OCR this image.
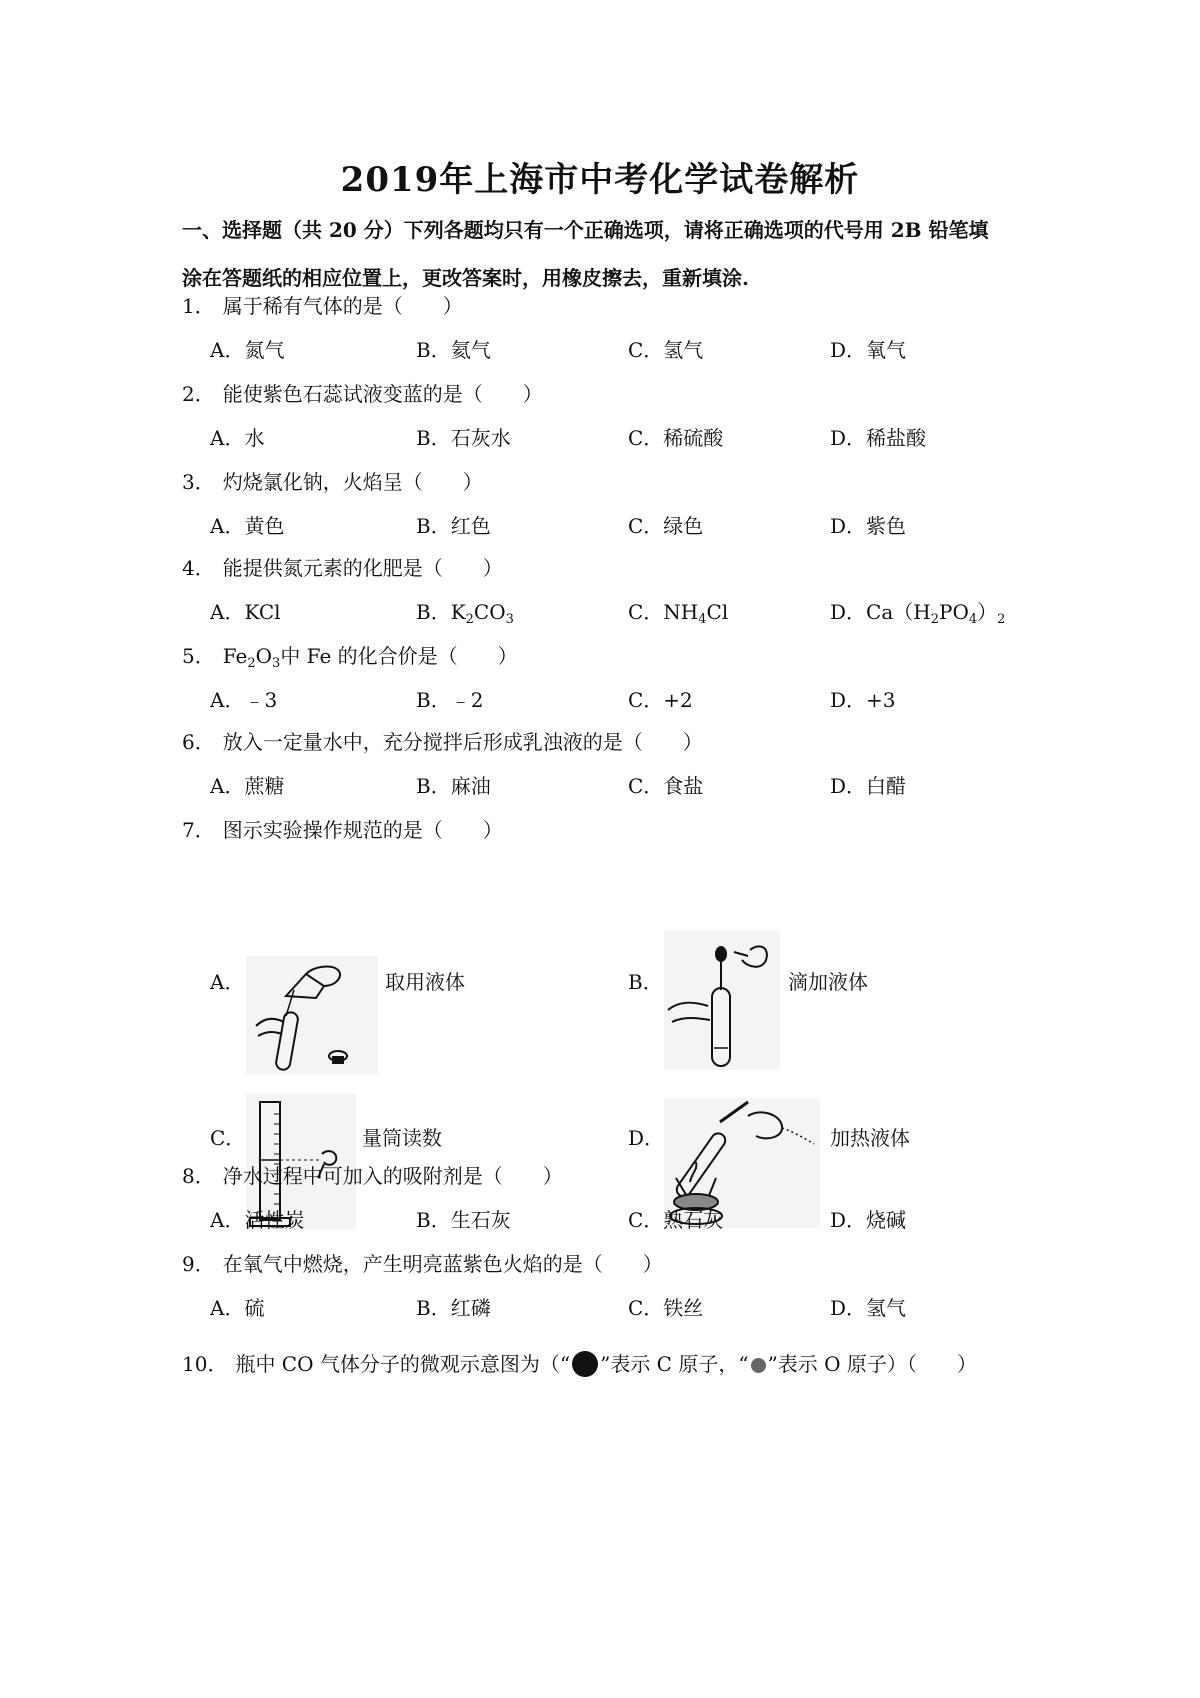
2019年上海市中考化学试卷解析
一、选择题（共 20 分）下列各题均只有一个正确选项，请将正确选项的代号用 2B 铅笔填
涂在答题纸的相应位置上，更改答案时，用橡皮擦去，重新填涂.
1． 属于稀有气体的是（　　）
A．氮气	B．氦气	C．氢气	D．氧气
2． 能使紫色石蕊试液变蓝的是（　　）
A．水	B．石灰水	C．稀硫酸	D．稀盐酸
3． 灼烧氯化钠，火焰呈（　　）
A．黄色	B．红色	C．绿色	D．紫色
4． 能提供氮元素的化肥是（　　）
A．KCl	B．$K_2CO_3$	C．$NH_4Cl$	D．$Ca(H_2PO_4)_2$
5． $Fe_2O_3$中 Fe 的化合价是（　　）
A．﹣3	B．﹣2	C．+2	D．+3
6． 放入一定量水中，充分搅拌后形成乳浊液的是（　　）
A．蔗糖	B．麻油	C．食盐	D．白醋
7． 图示实验操作规范的是（　　）
A．	取用液体	B．	滴加液体
C．	量筒读数	D．	加热液体
8． 净水过程中可加入的吸附剂是（　　）
A．活性炭	B．生石灰	C．熟石灰	D．烧碱
9． 在氧气中燃烧，产生明亮蓝紫色火焰的是（　　）
A．硫	B．红磷	C．铁丝	D．氢气
10． 瓶中 CO 气体分子的微观示意图为（“ ”表示 C 原子，“ ”表示 O 原子）（　　）
